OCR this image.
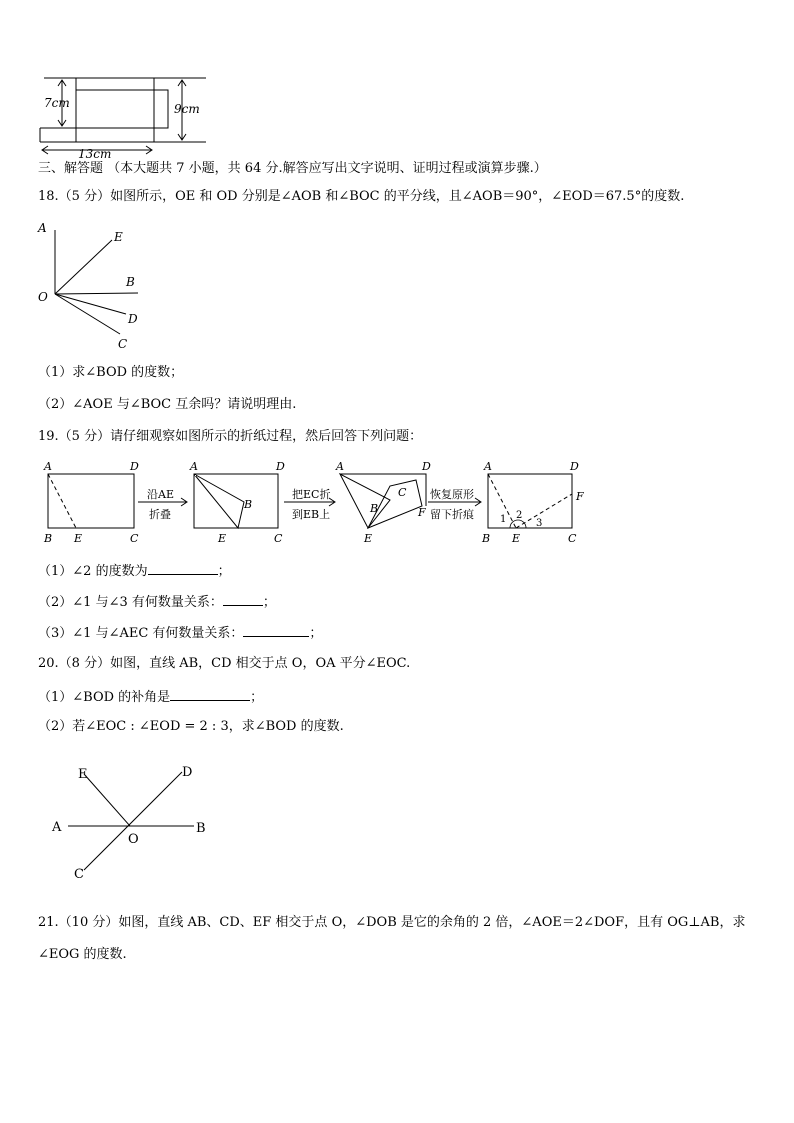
7cm	9cm
13cm
三、解答题 （本大题共 7 小题，共 64 分.解答应写出文字说明、证明过程或演算步骤.）
18.（5 分）如图所示，OE 和 OD 分别是∠AOB 和∠BOC 的平分线，且∠AOB＝90°，∠EOD＝67.5°的度数.
A
E
B
O
D
C
（1）求∠BOD 的度数；
（2）∠AOE 与∠BOC 互余吗？请说明理由.
19.（5 分）请仔细观察如图所示的折纸过程，然后回答下列问题：
A	D
B E	C
沿AE
折叠
A	D
B
E	C
把EC折
到EB上
A	D
B
C
F
E
恢复原形
留下折痕
A	D
F
1 2
3
B E	C
（1）∠2 的度数为	；
（2）∠1 与∠3 有何数量关系：	；
（3）∠1 与∠AEC 有何数量关系：	；
20.（8 分）如图，直线 AB，CD 相交于点 O，OA 平分∠EOC.
（1）∠BOD 的补角是	；
（2）若∠EOC : ∠EOD = 2 : 3，求∠BOD 的度数.
E	D
A	B
O
C
21.（10 分）如图，直线 AB、CD、EF 相交于点 O，∠DOB 是它的余角的 2 倍，∠AOE＝2∠DOF，且有 OG⊥AB，求
∠EOG 的度数.
